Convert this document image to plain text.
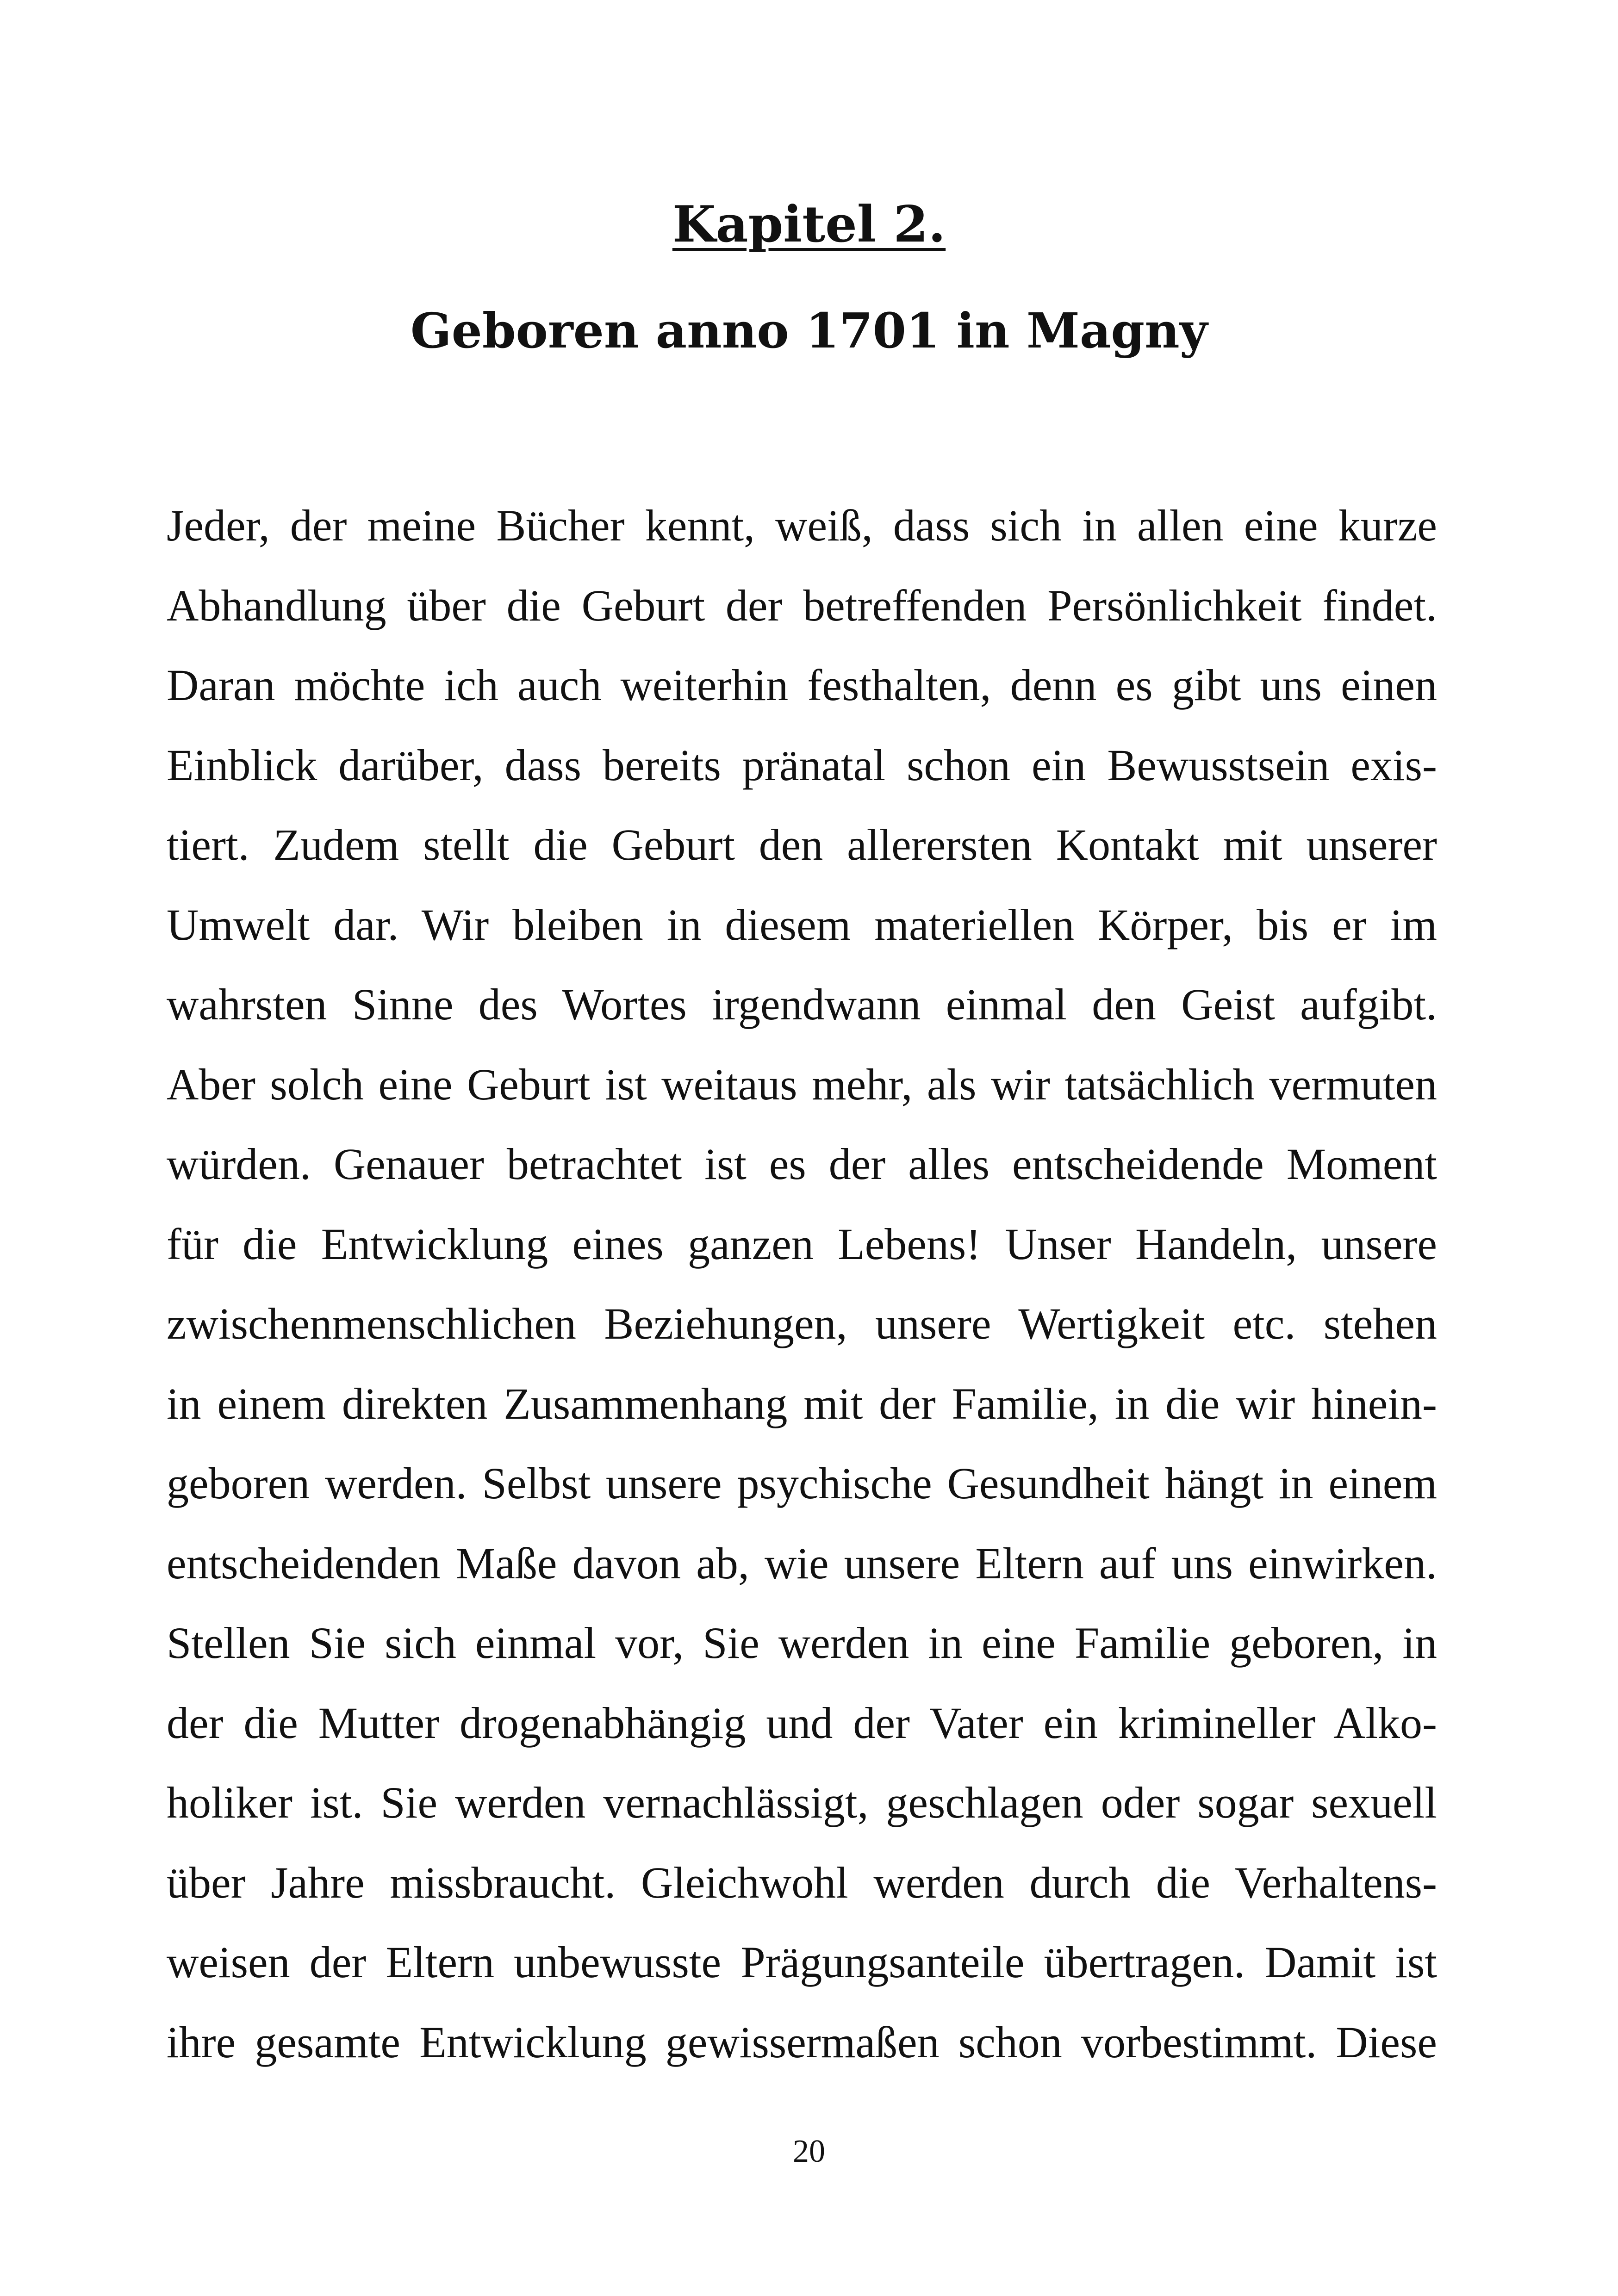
Kapitel 2.
Geboren anno 1701 in Magny
Jeder, der meine Bücher kennt, weiß, dass sich in allen eine kurze
Abhandlung über die Geburt der betreffenden Persönlichkeit findet.
Daran möchte ich auch weiterhin festhalten, denn es gibt uns einen
Einblick darüber, dass bereits pränatal schon ein Bewusstsein exis-
tiert. Zudem stellt die Geburt den allerersten Kontakt mit unserer
Umwelt dar. Wir bleiben in diesem materiellen Körper, bis er im
wahrsten Sinne des Wortes irgendwann einmal den Geist aufgibt.
Aber solch eine Geburt ist weitaus mehr, als wir tatsächlich vermuten
würden. Genauer betrachtet ist es der alles entscheidende Moment
für die Entwicklung eines ganzen Lebens! Unser Handeln, unsere
zwischenmenschlichen Beziehungen, unsere Wertigkeit etc. stehen
in einem direkten Zusammenhang mit der Familie, in die wir hinein-
geboren werden. Selbst unsere psychische Gesundheit hängt in einem
entscheidenden Maße davon ab, wie unsere Eltern auf uns einwirken.
Stellen Sie sich einmal vor, Sie werden in eine Familie geboren, in
der die Mutter drogenabhängig und der Vater ein krimineller Alko-
holiker ist. Sie werden vernachlässigt, geschlagen oder sogar sexuell
über Jahre missbraucht. Gleichwohl werden durch die Verhaltens-
weisen der Eltern unbewusste Prägungsanteile übertragen. Damit ist
ihre gesamte Entwicklung gewissermaßen schon vorbestimmt. Diese
20
